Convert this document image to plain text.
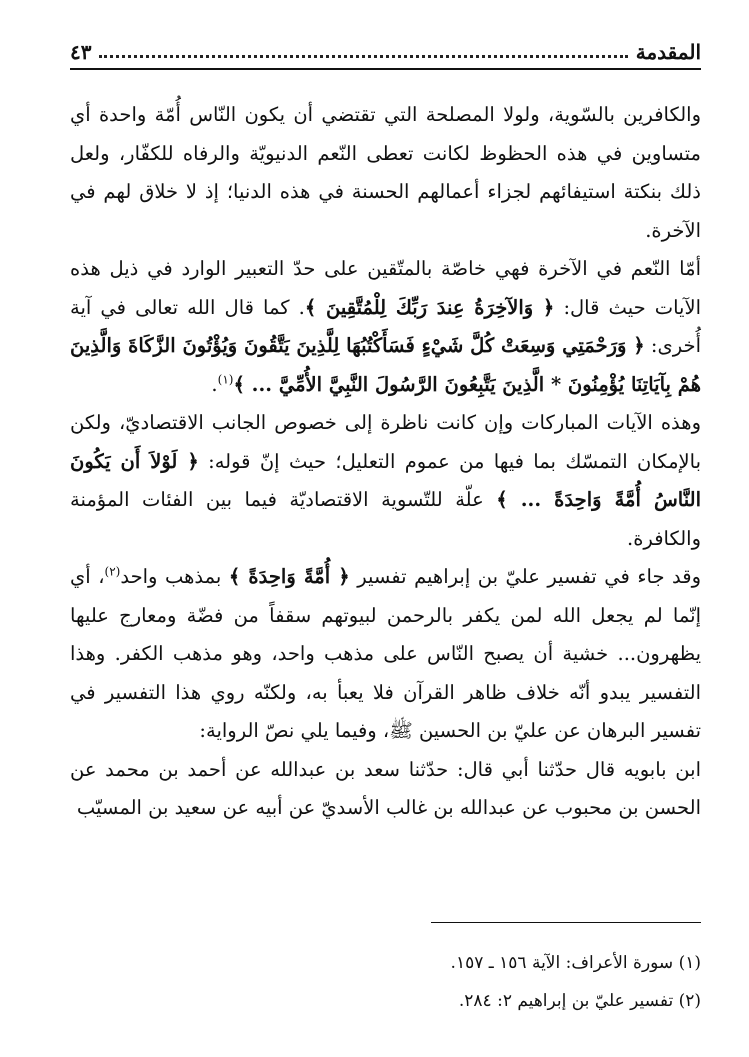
المقدمة
٤٣

والكافرين بالسّوية، ولولا المصلحة التي تقتضي أن يكون النّاس أُمّة واحدة أي متساوين في هذه الحظوظ لكانت تعطى النّعم الدنيويّة والرفاه للكفّار، ولعل ذلك بنكتة استيفائهم لجزاء أعمالهم الحسنة في هذه الدنيا؛ إذ لا خلاق لهم في الآخرة.

أمّا النّعم في الآخرة فهي خاصّة بالمتّقين على حدّ التعبير الوارد في ذيل هذه الآيات حيث قال: ﴿ وَالآخِرَةُ عِندَ رَبِّكَ لِلْمُتَّقِينَ ﴾. كما قال الله تعالى في آية أُخرى: ﴿ وَرَحْمَتِي وَسِعَتْ كُلَّ شَيْءٍ فَسَأَكْتُبُهَا لِلَّذِينَ يَتَّقُونَ وَيُؤْتُونَ الزَّكَاةَ وَالَّذِينَ هُمْ بِآيَاتِنَا يُؤْمِنُونَ * الَّذِينَ يَتَّبِعُونَ الرَّسُولَ النَّبِيَّ الأُمِّيَّ ... ﴾$^{(١)}$.

وهذه الآيات المباركات وإن كانت ناظرة إلى خصوص الجانب الاقتصاديّ، ولكن بالإمكان التمسّك بما فيها من عموم التعليل؛ حيث إنّ قوله: ﴿ لَوْلاَ أَن يَكُونَ النَّاسُ أُمَّةً وَاحِدَةً ... ﴾ علّة للتّسوية الاقتصاديّة فيما بين الفئات المؤمنة والكافرة.

وقد جاء في تفسير عليّ بن إبراهيم تفسير ﴿ أُمَّةً وَاحِدَةً ﴾ بمذهب واحد$^{(٢)}$، أي إنّما لم يجعل الله لمن يكفر بالرحمن لبيوتهم سقفاً من فضّة ومعارج عليها يظهرون... خشية أن يصبح النّاس على مذهب واحد، وهو مذهب الكفر. وهذا التفسير يبدو أنّه خلاف ظاهر القرآن فلا يعبأ به، ولكنّه روي هذا التفسير في تفسير البرهان عن عليّ بن الحسين ﷺ، وفيما يلي نصّ الرواية:

ابن بابويه قال حدّثنا أبي قال: حدّثنا سعد بن عبدالله عن أحمد بن محمد عن الحسن بن محبوب عن عبدالله بن غالب الأسديّ عن أبيه عن سعيد بن المسيّب

(١) سورة الأعراف: الآية ١٥٦ ـ ١٥٧.

(٢) تفسير عليّ بن إبراهيم ٢: ٢٨٤.
